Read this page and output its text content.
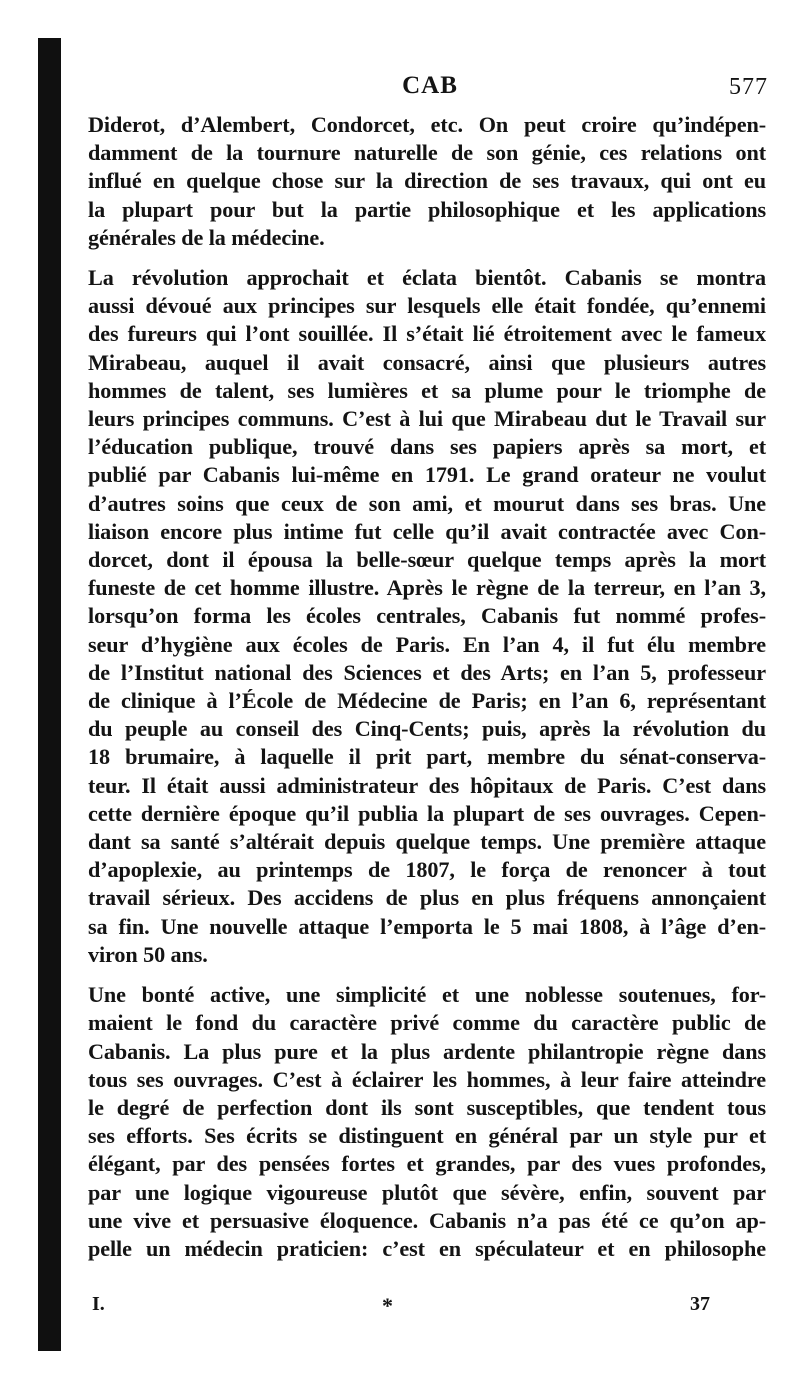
CAB	577
Diderot, d’Alembert, Condorcet, etc. On peut croire qu’indépen-
damment de la tournure naturelle de son génie, ces relations ont
influé en quelque chose sur la direction de ses travaux, qui ont eu
la plupart pour but la partie philosophique et les applications
générales de la médecine.
La révolution approchait et éclata bientôt. Cabanis se montra
aussi dévoué aux principes sur lesquels elle était fondée, qu’ennemi
des fureurs qui l’ont souillée. Il s’était lié étroitement avec le fameux
Mirabeau, auquel il avait consacré, ainsi que plusieurs autres
hommes de talent, ses lumières et sa plume pour le triomphe de
leurs principes communs. C’est à lui que Mirabeau dut le Travail sur
l’éducation publique, trouvé dans ses papiers après sa mort, et
publié par Cabanis lui-même en 1791. Le grand orateur ne voulut
d’autres soins que ceux de son ami, et mourut dans ses bras. Une
liaison encore plus intime fut celle qu’il avait contractée avec Con-
dorcet, dont il épousa la belle-sœur quelque temps après la mort
funeste de cet homme illustre. Après le règne de la terreur, en l’an 3,
lorsqu’on forma les écoles centrales, Cabanis fut nommé profes-
seur d’hygiène aux écoles de Paris. En l’an 4, il fut élu membre
de l’Institut national des Sciences et des Arts; en l’an 5, professeur
de clinique à l’École de Médecine de Paris; en l’an 6, représentant
du peuple au conseil des Cinq-Cents; puis, après la révolution du
18 brumaire, à laquelle il prit part, membre du sénat-conserva-
teur. Il était aussi administrateur des hôpitaux de Paris. C’est dans
cette dernière époque qu’il publia la plupart de ses ouvrages. Cepen-
dant sa santé s’altérait depuis quelque temps. Une première attaque
d’apoplexie, au printemps de 1807, le força de renoncer à tout
travail sérieux. Des accidens de plus en plus fréquens annonçaient
sa fin. Une nouvelle attaque l’emporta le 5 mai 1808, à l’âge d’en-
viron 50 ans.
Une bonté active, une simplicité et une noblesse soutenues, for-
maient le fond du caractère privé comme du caractère public de
Cabanis. La plus pure et la plus ardente philantropie règne dans
tous ses ouvrages. C’est à éclairer les hommes, à leur faire atteindre
le degré de perfection dont ils sont susceptibles, que tendent tous
ses efforts. Ses écrits se distinguent en général par un style pur et
élégant, par des pensées fortes et grandes, par des vues profondes,
par une logique vigoureuse plutôt que sévère, enfin, souvent par
une vive et persuasive éloquence. Cabanis n’a pas été ce qu’on ap-
pelle un médecin praticien: c’est en spéculateur et en philosophe
I.	*	37
